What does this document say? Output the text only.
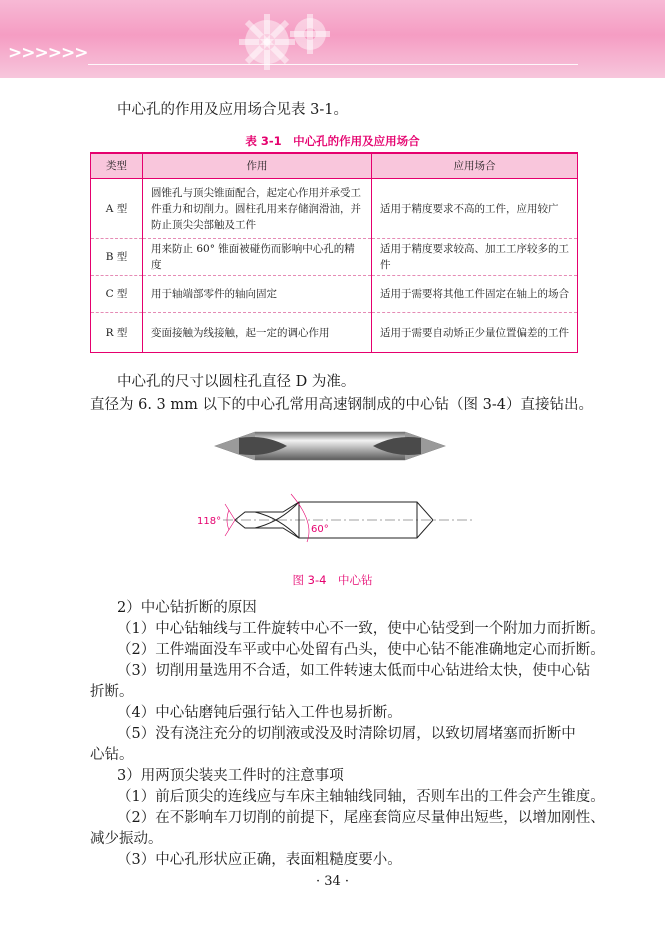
>>>>>>
中心孔的作用及应用场合见表 3-1。
表 3-1　中心孔的作用及应用场合
类型	作用	应用场合
A 型	圆锥孔与顶尖锥面配合，起定心作用并承受工件重力和切削力。圆柱孔用来存储润滑油，并防止顶尖尖部触及工件	适用于精度要求不高的工件，应用较广
B 型	用来防止 60° 锥面被碰伤而影响中心孔的精度	适用于精度要求较高、加工工序较多的工件
C 型	用于轴端部零件的轴向固定	适用于需要将其他工件固定在轴上的场合
R 型	变面接触为线接触，起一定的调心作用	适用于需要自动矫正少量位置偏差的工件
中心孔的尺寸以圆柱孔直径 D 为准。
直径为 6. 3 mm 以下的中心孔常用高速钢制成的中心钻（图 3-4）直接钻出。
118°
60°
图 3-4　中心钻
2）中心钻折断的原因
（1）中心钻轴线与工件旋转中心不一致，使中心钻受到一个附加力而折断。
（2）工件端面没车平或中心处留有凸头，使中心钻不能准确地定心而折断。
（3）切削用量选用不合适，如工件转速太低而中心钻进给太快，使中心钻
折断。
（4）中心钻磨钝后强行钻入工件也易折断。
（5）没有浇注充分的切削液或没及时清除切屑，以致切屑堵塞而折断中
心钻。
3）用两顶尖装夹工件时的注意事项
（1）前后顶尖的连线应与车床主轴轴线同轴，否则车出的工件会产生锥度。
（2）在不影响车刀切削的前提下，尾座套筒应尽量伸出短些，以增加刚性、
减少振动。
（3）中心孔形状应正确，表面粗糙度要小。
· 34 ·
